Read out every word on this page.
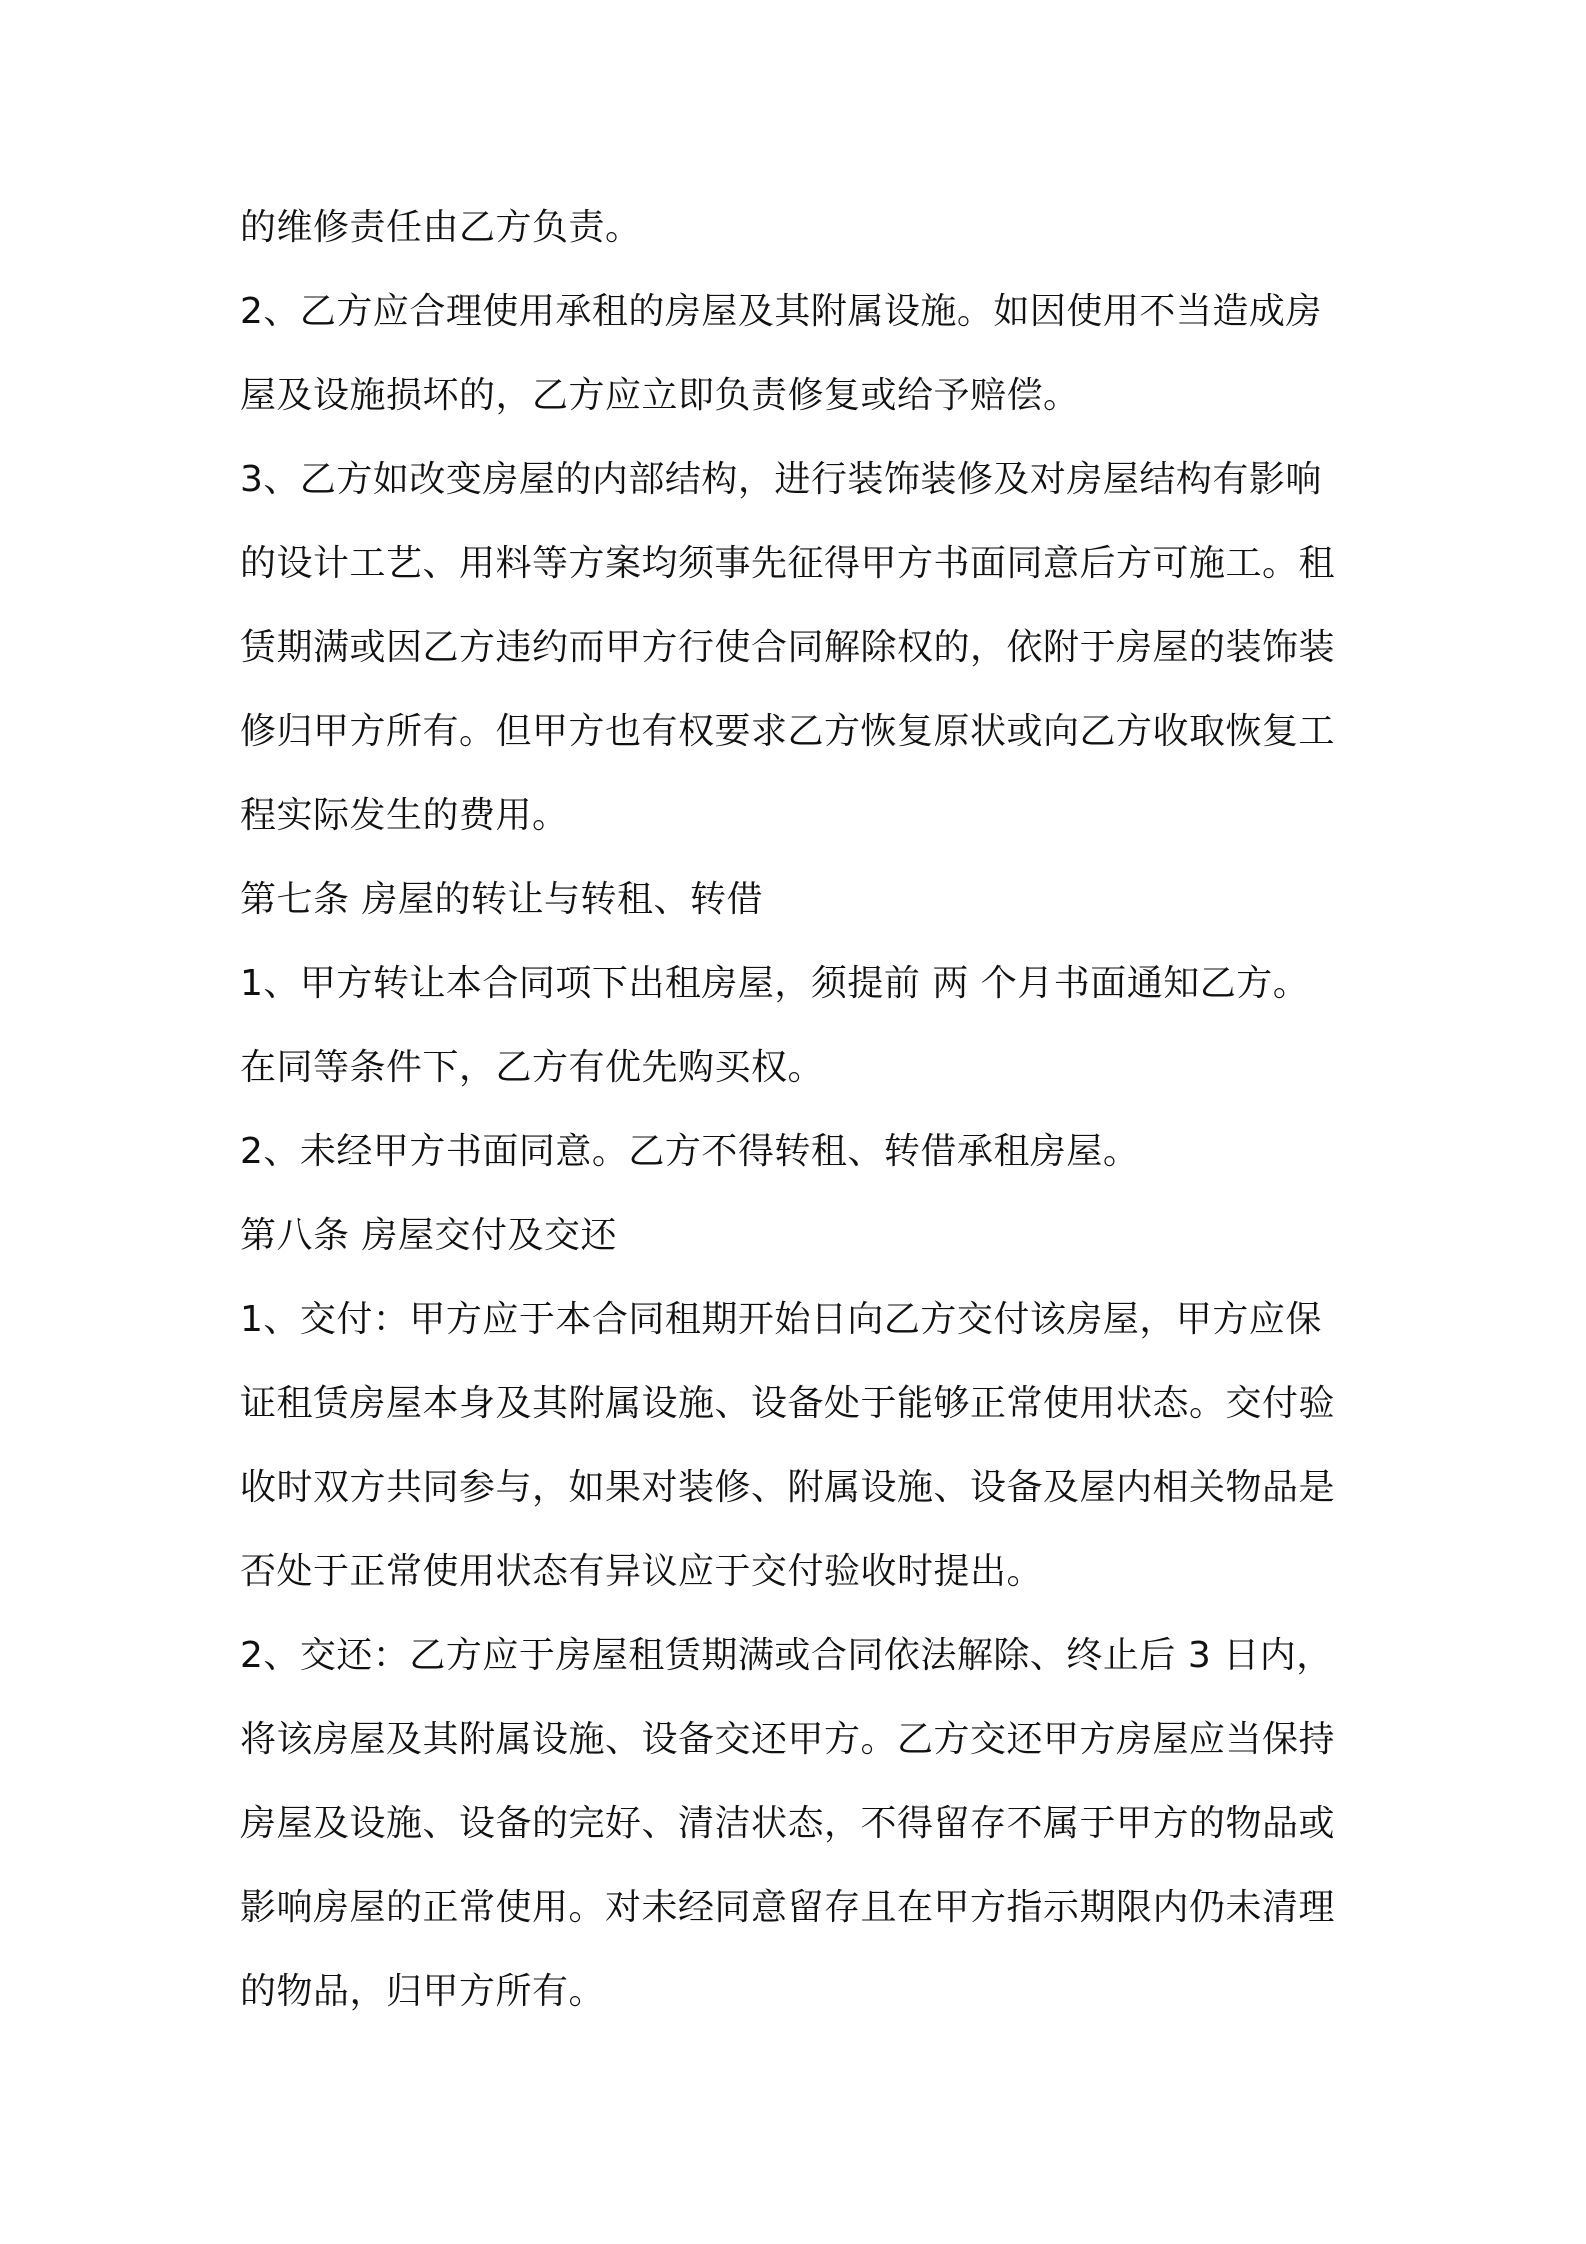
的维修责任由乙方负责。
2、乙方应合理使用承租的房屋及其附属设施。如因使用不当造成房
屋及设施损坏的，乙方应立即负责修复或给予赔偿。
3、乙方如改变房屋的内部结构，进行装饰装修及对房屋结构有影响
的设计工艺、用料等方案均须事先征得甲方书面同意后方可施工。租
赁期满或因乙方违约而甲方行使合同解除权的，依附于房屋的装饰装
修归甲方所有。但甲方也有权要求乙方恢复原状或向乙方收取恢复工
程实际发生的费用。
第七条 房屋的转让与转租、转借
1、甲方转让本合同项下出租房屋，须提前 两 个月书面通知乙方。
在同等条件下，乙方有优先购买权。
2、未经甲方书面同意。乙方不得转租、转借承租房屋。
第八条 房屋交付及交还
1、交付：甲方应于本合同租期开始日向乙方交付该房屋，甲方应保
证租赁房屋本身及其附属设施、设备处于能够正常使用状态。交付验
收时双方共同参与，如果对装修、附属设施、设备及屋内相关物品是
否处于正常使用状态有异议应于交付验收时提出。
2、交还：乙方应于房屋租赁期满或合同依法解除、终止后 3 日内，
将该房屋及其附属设施、设备交还甲方。乙方交还甲方房屋应当保持
房屋及设施、设备的完好、清洁状态，不得留存不属于甲方的物品或
影响房屋的正常使用。对未经同意留存且在甲方指示期限内仍未清理
的物品，归甲方所有。
